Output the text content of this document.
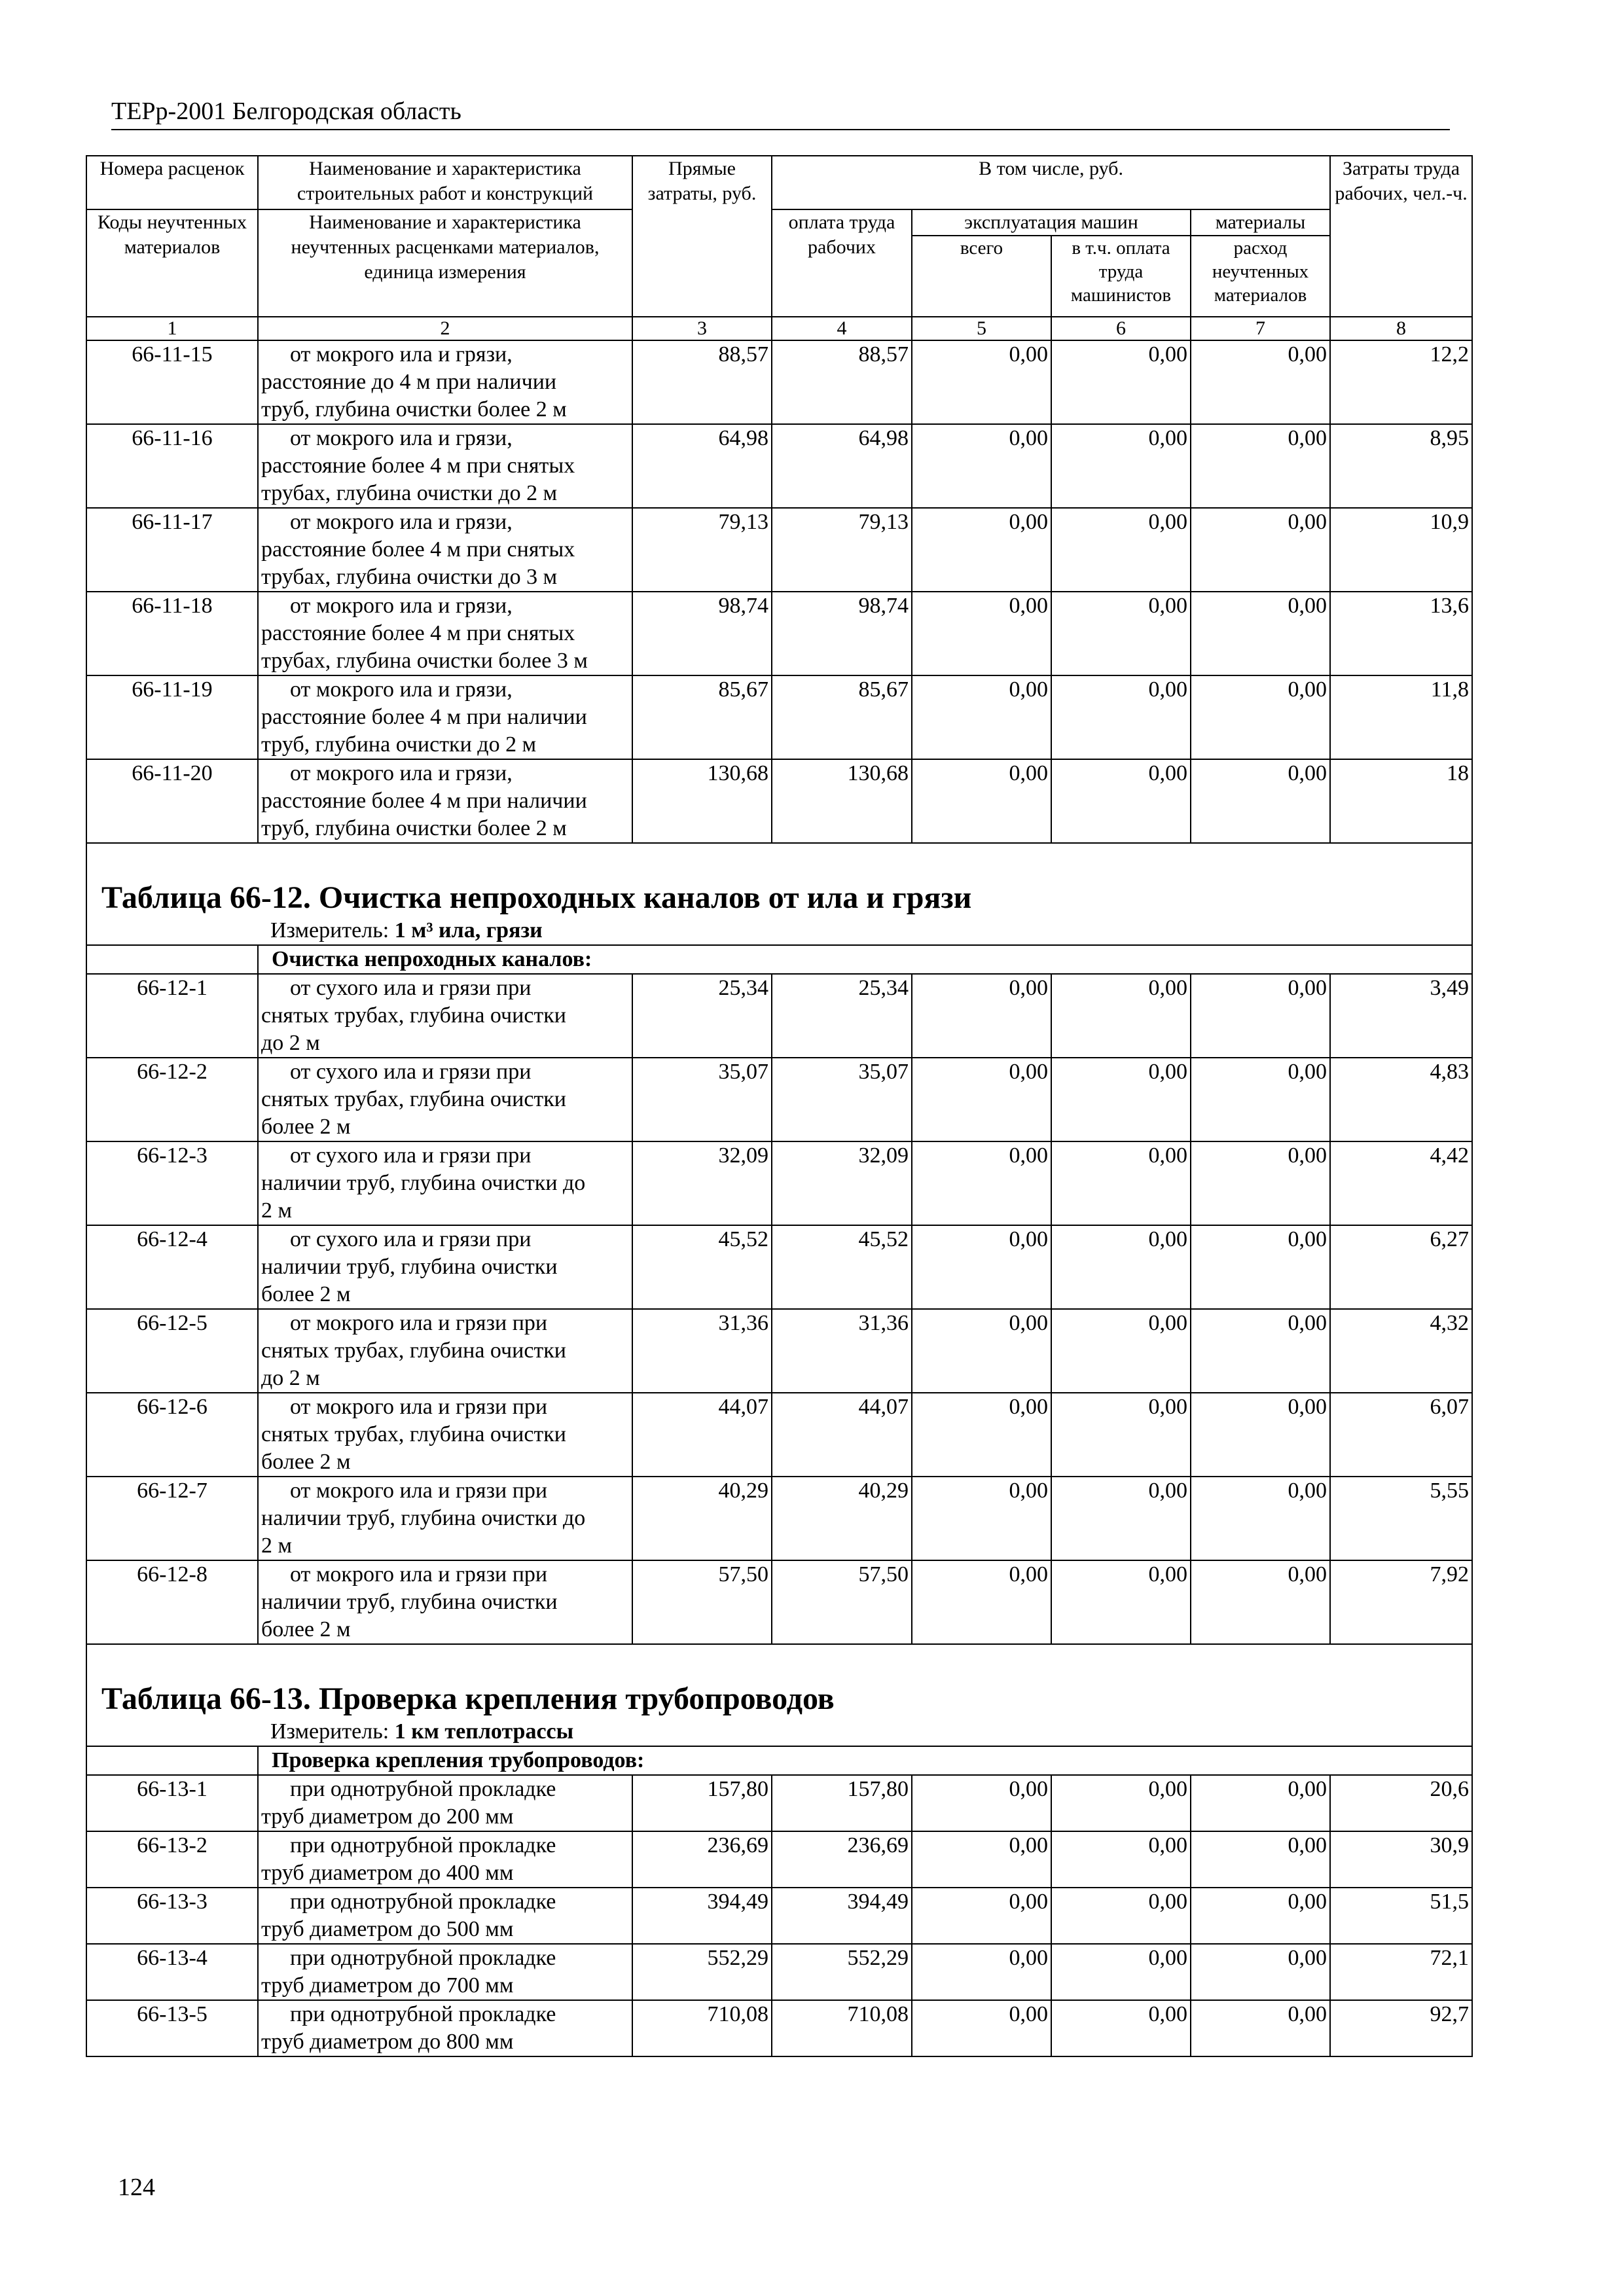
ТЕРр-2001 Белгородская область
Номера расценок	Наименование и характеристика строительных работ и конструкций	Прямые затраты, руб.	В том числе, руб.				Затраты труда рабочих, чел.-ч.
Коды неучтенных материалов	Наименование и характеристика неучтенных расценками материалов, единица измерения		оплата труда рабочих	эксплуатация машин		материалы	
				всего	в т.ч. оплата труда машинистов	расход неучтенных материалов	
1	2	3	4	5	6	7	8
66-11-15	от мокрого ила и грязи,
расстояние до 4 м при наличии
труб, глубина очистки более 2 м	88,57	88,57	0,00	0,00	0,00	12,2
66-11-16	от мокрого ила и грязи,
расстояние более 4 м при снятых
трубах, глубина очистки до 2 м	64,98	64,98	0,00	0,00	0,00	8,95
66-11-17	от мокрого ила и грязи,
расстояние более 4 м при снятых
трубах, глубина очистки до 3 м	79,13	79,13	0,00	0,00	0,00	10,9
66-11-18	от мокрого ила и грязи,
расстояние более 4 м при снятых
трубах, глубина очистки более 3 м	98,74	98,74	0,00	0,00	0,00	13,6
66-11-19	от мокрого ила и грязи,
расстояние более 4 м при наличии
труб, глубина очистки до 2 м	85,67	85,67	0,00	0,00	0,00	11,8
66-11-20	от мокрого ила и грязи,
расстояние более 4 м при наличии
труб, глубина очистки более 2 м	130,68	130,68	0,00	0,00	0,00	18
Таблица 66-12. Очистка непроходных каналов от ила и грязи							
Измеритель: 1 м³ ила, грязи							
	Очистка непроходных каналов:						
66-12-1	от сухого ила и грязи при
снятых трубах, глубина очистки
до 2 м	25,34	25,34	0,00	0,00	0,00	3,49
66-12-2	от сухого ила и грязи при
снятых трубах, глубина очистки
более 2 м	35,07	35,07	0,00	0,00	0,00	4,83
66-12-3	от сухого ила и грязи при
наличии труб, глубина очистки до
2 м	32,09	32,09	0,00	0,00	0,00	4,42
66-12-4	от сухого ила и грязи при
наличии труб, глубина очистки
более 2 м	45,52	45,52	0,00	0,00	0,00	6,27
66-12-5	от мокрого ила и грязи при
снятых трубах, глубина очистки
до 2 м	31,36	31,36	0,00	0,00	0,00	4,32
66-12-6	от мокрого ила и грязи при
снятых трубах, глубина очистки
более 2 м	44,07	44,07	0,00	0,00	0,00	6,07
66-12-7	от мокрого ила и грязи при
наличии труб, глубина очистки до
2 м	40,29	40,29	0,00	0,00	0,00	5,55
66-12-8	от мокрого ила и грязи при
наличии труб, глубина очистки
более 2 м	57,50	57,50	0,00	0,00	0,00	7,92
Таблица 66-13. Проверка крепления трубопроводов							
Измеритель: 1 км теплотрассы							
	Проверка крепления трубопроводов:						
66-13-1	при однотрубной прокладке
труб диаметром до 200 мм	157,80	157,80	0,00	0,00	0,00	20,6
66-13-2	при однотрубной прокладке
труб диаметром до 400 мм	236,69	236,69	0,00	0,00	0,00	30,9
66-13-3	при однотрубной прокладке
труб диаметром до 500 мм	394,49	394,49	0,00	0,00	0,00	51,5
66-13-4	при однотрубной прокладке
труб диаметром до 700 мм	552,29	552,29	0,00	0,00	0,00	72,1
66-13-5	при однотрубной прокладке
труб диаметром до 800 мм	710,08	710,08	0,00	0,00	0,00	92,7
124
